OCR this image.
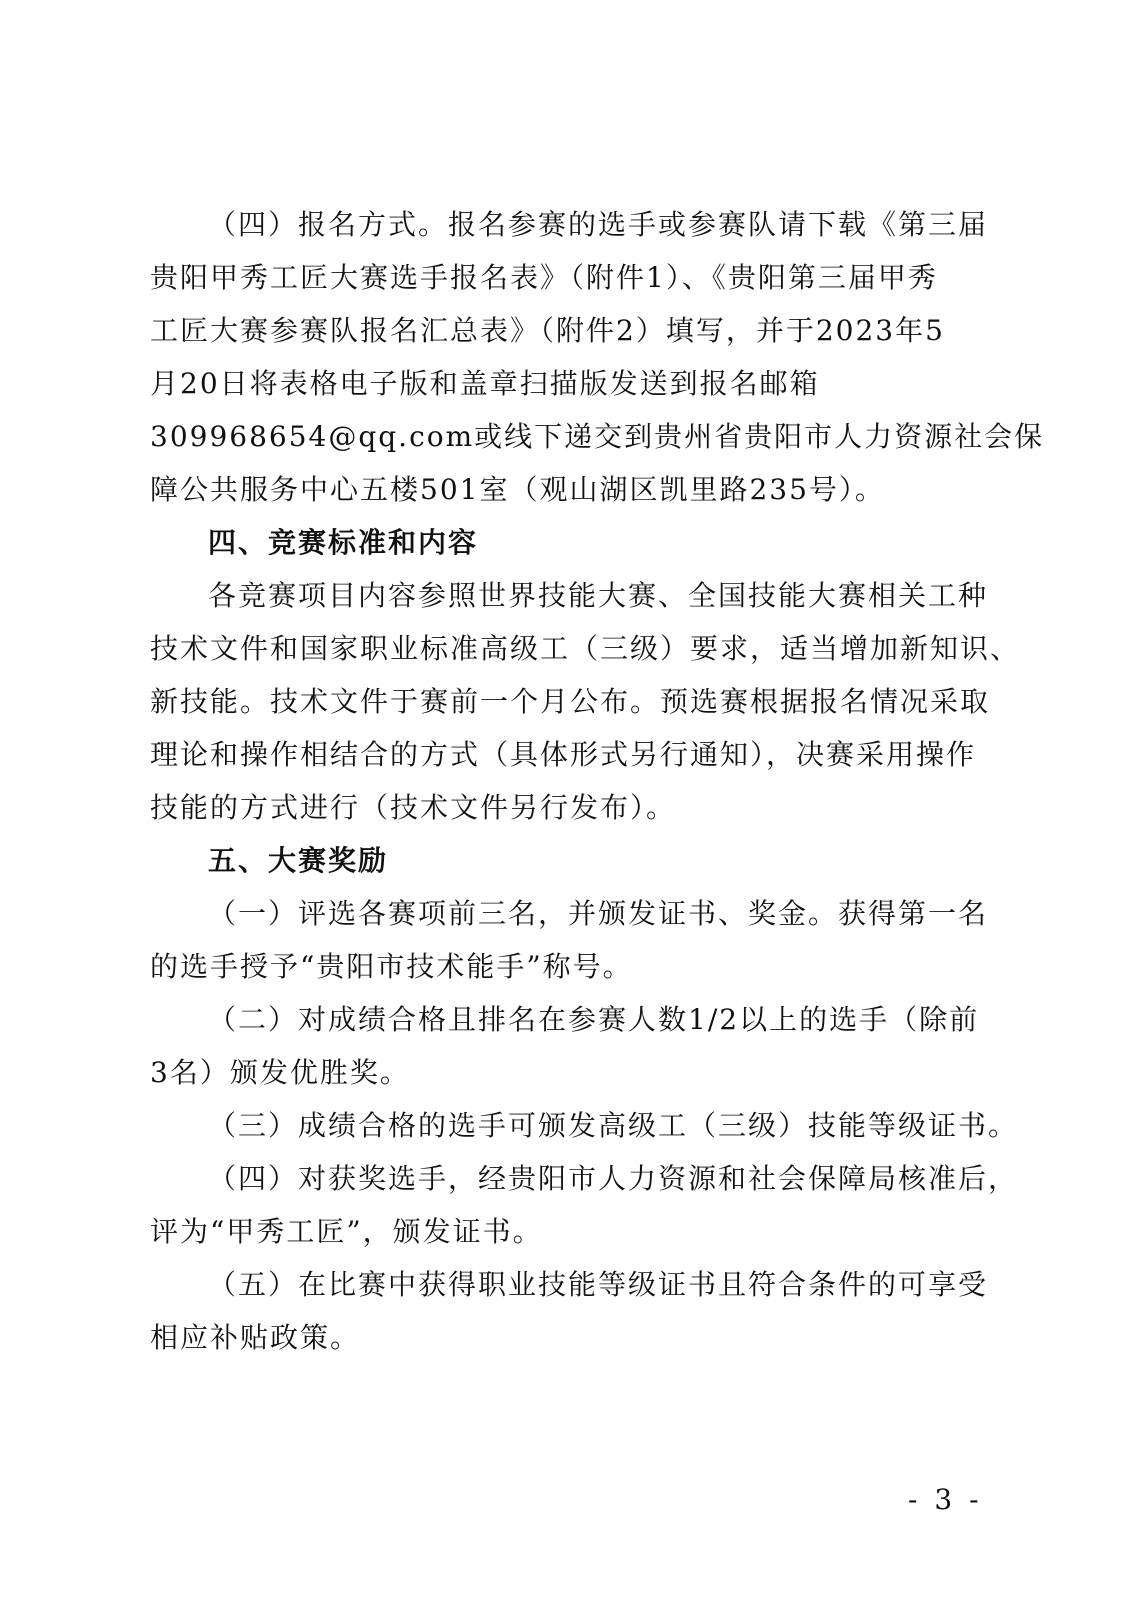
（四）报名方式。报名参赛的选手或参赛队请下载《第三届
贵阳甲秀工匠大赛选手报名表》（附件1）、《贵阳第三届甲秀
工匠大赛参赛队报名汇总表》（附件2）填写，并于2023年5
月20日将表格电子版和盖章扫描版发送到报名邮箱
309968654@qq.com或线下递交到贵州省贵阳市人力资源社会保
障公共服务中心五楼501室（观山湖区凯里路235号）。
四、竞赛标准和内容
各竞赛项目内容参照世界技能大赛、全国技能大赛相关工种
技术文件和国家职业标准高级工（三级）要求，适当增加新知识、
新技能。技术文件于赛前一个月公布。预选赛根据报名情况采取
理论和操作相结合的方式（具体形式另行通知），决赛采用操作
技能的方式进行（技术文件另行发布）。
五、大赛奖励
（一）评选各赛项前三名，并颁发证书、奖金。获得第一名
的选手授予“贵阳市技术能手”称号。
（二）对成绩合格且排名在参赛人数1/2以上的选手（除前
3名）颁发优胜奖。
（三）成绩合格的选手可颁发高级工（三级）技能等级证书。
（四）对获奖选手，经贵阳市人力资源和社会保障局核准后，
评为“甲秀工匠”，颁发证书。
（五）在比赛中获得职业技能等级证书且符合条件的可享受
相应补贴政策。
- 3 -
